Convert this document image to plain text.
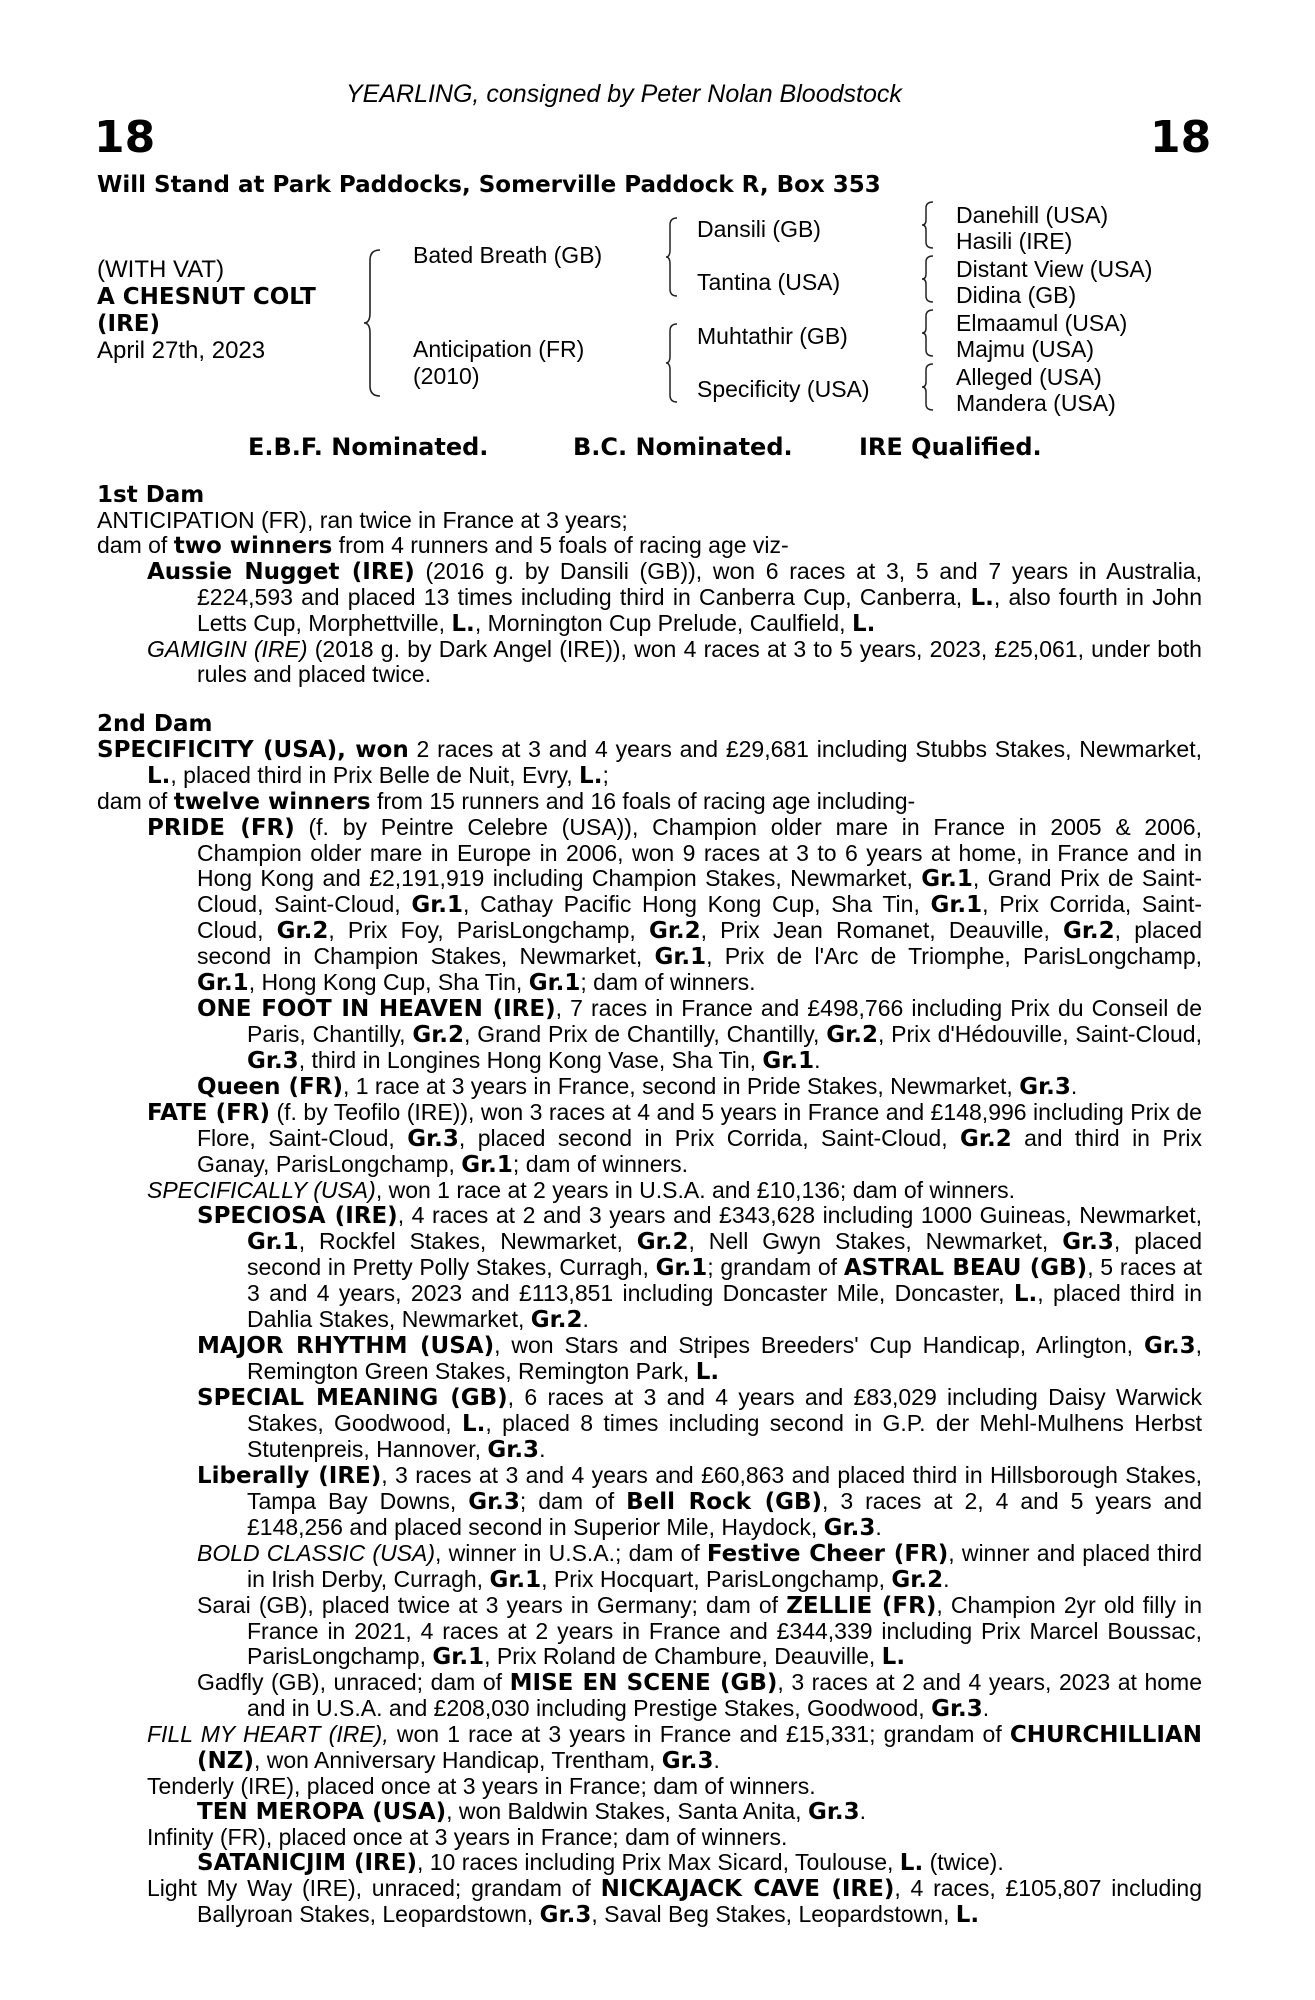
YEARLING, consigned by Peter Nolan Bloodstock
18	18
Will Stand at Park Paddocks, Somerville Paddock R, Box 353
(WITH VAT)
A CHESNUT COLT
(IRE)
April 27th, 2023
Bated Breath (GB)
Anticipation (FR)
(2010)
Dansili (GB)
Tantina (USA)
Muhtathir (GB)
Specificity (USA)
Danehill (USA)
Hasili (IRE)
Distant View (USA)
Didina (GB)
Elmaamul (USA)
Majmu (USA)
Alleged (USA)
Mandera (USA)
E.B.F. Nominated.	B.C. Nominated.	IRE Qualified.

1st Dam

ANTICIPATION (FR), ran twice in France at 3 years;

dam of two winners from 4 runners and 5 foals of racing age viz-

Aussie Nugget (IRE) (2016 g. by Dansili (GB)), won 6 races at 3, 5 and 7 years in Australia, £224,593 and placed 13 times including third in Canberra Cup, Canberra, L., also fourth in John Letts Cup, Morphettville, L., Mornington Cup Prelude, Caulfield, L.

GAMIGIN (IRE) (2018 g. by Dark Angel (IRE)), won 4 races at 3 to 5 years, 2023, £25,061, under both rules and placed twice.

2nd Dam

SPECIFICITY (USA), won 2 races at 3 and 4 years and £29,681 including Stubbs Stakes, Newmarket, L., placed third in Prix Belle de Nuit, Evry, L.;

dam of twelve winners from 15 runners and 16 foals of racing age including-

PRIDE (FR) (f. by Peintre Celebre (USA)), Champion older mare in France in 2005 & 2006, Champion older mare in Europe in 2006, won 9 races at 3 to 6 years at home, in France and in Hong Kong and £2,191,919 including Champion Stakes, Newmarket, Gr.1, Grand Prix de Saint-Cloud, Saint-Cloud, Gr.1, Cathay Pacific Hong Kong Cup, Sha Tin, Gr.1, Prix Corrida, Saint-Cloud, Gr.2, Prix Foy, ParisLongchamp, Gr.2, Prix Jean Romanet, Deauville, Gr.2, placed second in Champion Stakes, Newmarket, Gr.1, Prix de l'Arc de Triomphe, ParisLongchamp, Gr.1, Hong Kong Cup, Sha Tin, Gr.1; dam of winners.

ONE FOOT IN HEAVEN (IRE), 7 races in France and £498,766 including Prix du Conseil de Paris, Chantilly, Gr.2, Grand Prix de Chantilly, Chantilly, Gr.2, Prix d'Hédouville, Saint-Cloud, Gr.3, third in Longines Hong Kong Vase, Sha Tin, Gr.1.

Queen (FR), 1 race at 3 years in France, second in Pride Stakes, Newmarket, Gr.3.

FATE (FR) (f. by Teofilo (IRE)), won 3 races at 4 and 5 years in France and £148,996 including Prix de Flore, Saint-Cloud, Gr.3, placed second in Prix Corrida, Saint-Cloud, Gr.2 and third in Prix Ganay, ParisLongchamp, Gr.1; dam of winners.

SPECIFICALLY (USA), won 1 race at 2 years in U.S.A. and £10,136; dam of winners.

SPECIOSA (IRE), 4 races at 2 and 3 years and £343,628 including 1000 Guineas, Newmarket, Gr.1, Rockfel Stakes, Newmarket, Gr.2, Nell Gwyn Stakes, Newmarket, Gr.3, placed second in Pretty Polly Stakes, Curragh, Gr.1; grandam of ASTRAL BEAU (GB), 5 races at 3 and 4 years, 2023 and £113,851 including Doncaster Mile, Doncaster, L., placed third in Dahlia Stakes, Newmarket, Gr.2.

MAJOR RHYTHM (USA), won Stars and Stripes Breeders' Cup Handicap, Arlington, Gr.3, Remington Green Stakes, Remington Park, L.

SPECIAL MEANING (GB), 6 races at 3 and 4 years and £83,029 including Daisy Warwick Stakes, Goodwood, L., placed 8 times including second in G.P. der Mehl-Mulhens Herbst Stutenpreis, Hannover, Gr.3.

Liberally (IRE), 3 races at 3 and 4 years and £60,863 and placed third in Hillsborough Stakes, Tampa Bay Downs, Gr.3; dam of Bell Rock (GB), 3 races at 2, 4 and 5 years and £148,256 and placed second in Superior Mile, Haydock, Gr.3.

BOLD CLASSIC (USA), winner in U.S.A.; dam of Festive Cheer (FR), winner and placed third in Irish Derby, Curragh, Gr.1, Prix Hocquart, ParisLongchamp, Gr.2.

Sarai (GB), placed twice at 3 years in Germany; dam of ZELLIE (FR), Champion 2yr old filly in France in 2021, 4 races at 2 years in France and £344,339 including Prix Marcel Boussac, ParisLongchamp, Gr.1, Prix Roland de Chambure, Deauville, L.

Gadfly (GB), unraced; dam of MISE EN SCENE (GB), 3 races at 2 and 4 years, 2023 at home and in U.S.A. and £208,030 including Prestige Stakes, Goodwood, Gr.3.

FILL MY HEART (IRE), won 1 race at 3 years in France and £15,331; grandam of CHURCHILLIAN (NZ), won Anniversary Handicap, Trentham, Gr.3.

Tenderly (IRE), placed once at 3 years in France; dam of winners.

TEN MEROPA (USA), won Baldwin Stakes, Santa Anita, Gr.3.

Infinity (FR), placed once at 3 years in France; dam of winners.

SATANICJIM (IRE), 10 races including Prix Max Sicard, Toulouse, L. (twice).

Light My Way (IRE), unraced; grandam of NICKAJACK CAVE (IRE), 4 races, £105,807 including Ballyroan Stakes, Leopardstown, Gr.3, Saval Beg Stakes, Leopardstown, L.
